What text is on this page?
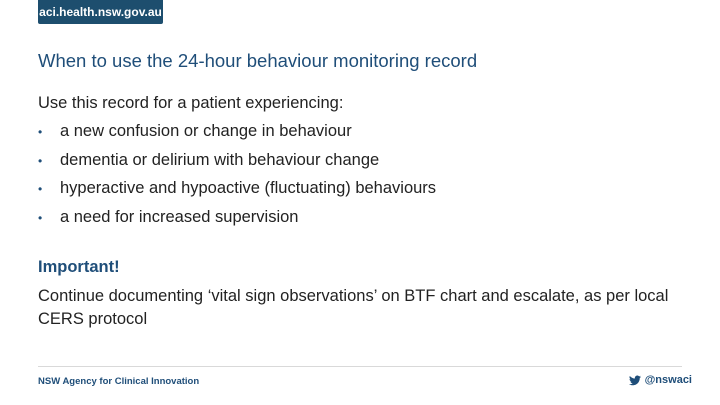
aci.health.nsw.gov.au
When to use the 24-hour behaviour monitoring record
Use this record for a patient experiencing:
•	a new confusion or change in behaviour
•	dementia or delirium with behaviour change
•	hyperactive and hypoactive (fluctuating) behaviours
•	a need for increased supervision
Important!
Continue documenting ‘vital sign observations’ on BTF chart and escalate, as per local CERS protocol
NSW Agency for Clinical Innovation	@nswaci
